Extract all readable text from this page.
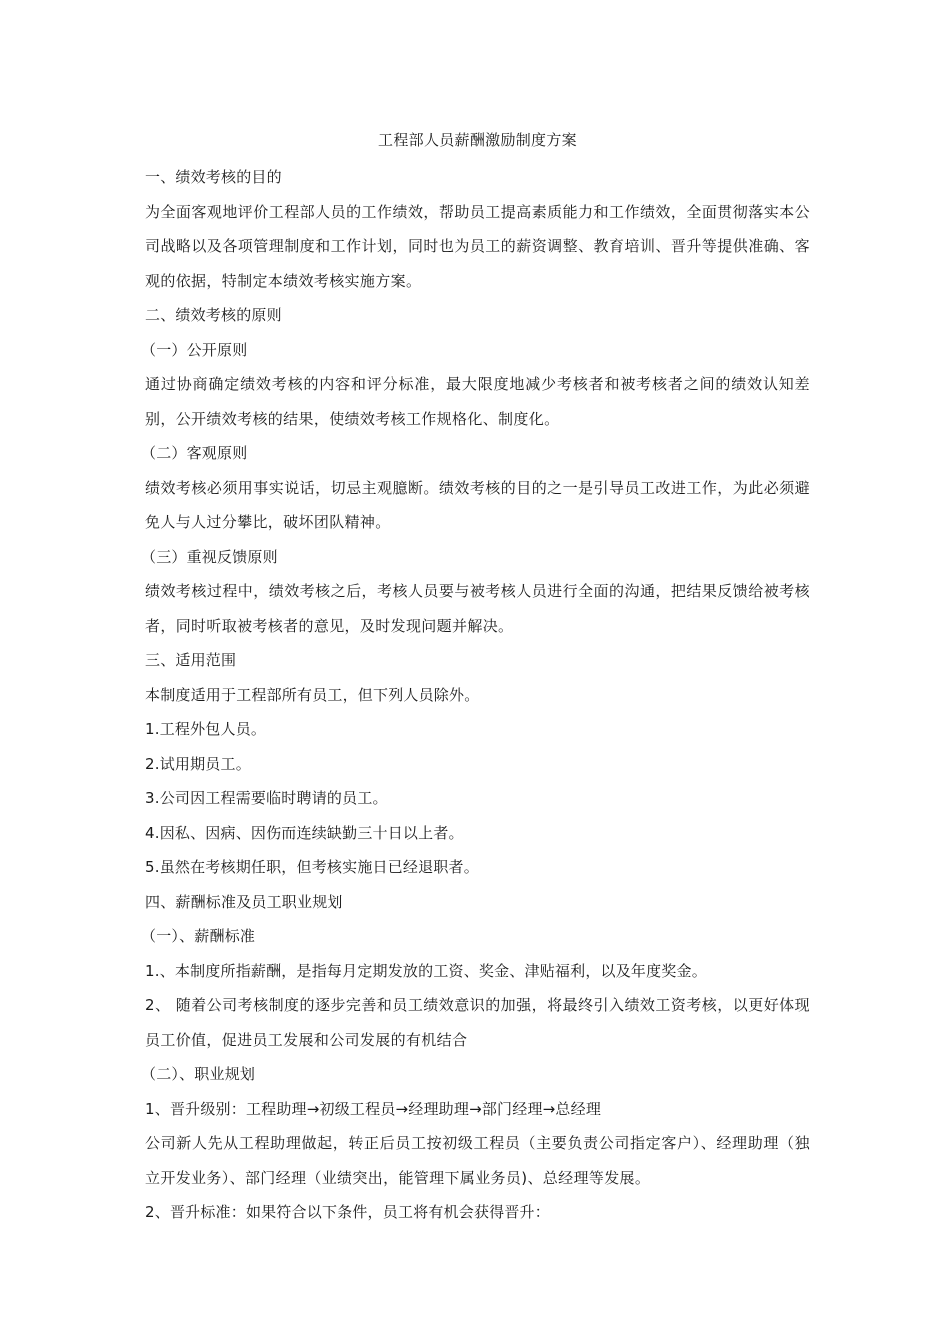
工程部人员薪酬激励制度方案
一、绩效考核的目的
为全面客观地评价工程部人员的工作绩效，帮助员工提高素质能力和工作绩效，全面贯彻落实本公司战略以及各项管理制度和工作计划，同时也为员工的薪资调整、教育培训、晋升等提供准确、客观的依据，特制定本绩效考核实施方案。
二、绩效考核的原则
（一）公开原则
通过协商确定绩效考核的内容和评分标准，最大限度地减少考核者和被考核者之间的绩效认知差别，公开绩效考核的结果，使绩效考核工作规格化、制度化。
（二）客观原则
绩效考核必须用事实说话，切忌主观臆断。绩效考核的目的之一是引导员工改进工作，为此必须避免人与人过分攀比，破坏团队精神。
（三）重视反馈原则
绩效考核过程中，绩效考核之后，考核人员要与被考核人员进行全面的沟通，把结果反馈给被考核者，同时听取被考核者的意见，及时发现问题并解决。
三、适用范围
本制度适用于工程部所有员工，但下列人员除外。
1.工程外包人员。
2.试用期员工。
3.公司因工程需要临时聘请的员工。
4.因私、因病、因伤而连续缺勤三十日以上者。
5.虽然在考核期任职，但考核实施日已经退职者。
四、薪酬标准及员工职业规划
（一）、薪酬标准
1.、本制度所指薪酬，是指每月定期发放的工资、奖金、津贴福利，以及年度奖金。
2、 随着公司考核制度的逐步完善和员工绩效意识的加强，将最终引入绩效工资考核，以更好体现员工价值，促进员工发展和公司发展的有机结合
（二）、职业规划
1、晋升级别：工程助理→初级工程员→经理助理→部门经理→总经理
公司新人先从工程助理做起，转正后员工按初级工程员（主要负责公司指定客户）、经理助理（独立开发业务）、部门经理（业绩突出，能管理下属业务员)、总经理等发展。
2、晋升标准：如果符合以下条件，员工将有机会获得晋升：
